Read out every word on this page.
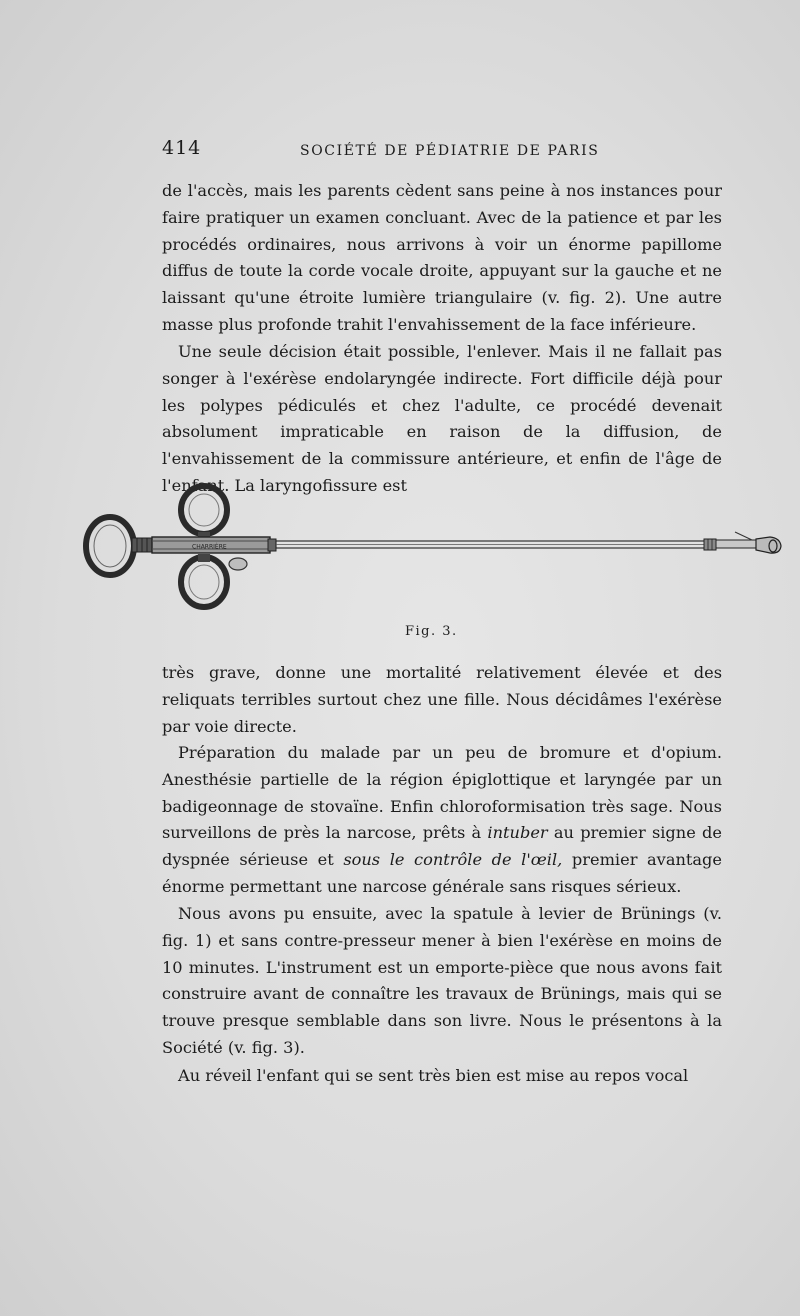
414	SOCIÉTÉ DE PÉDIATRIE DE PARIS

de l'accès, mais les parents cèdent sans peine à nos instances pour faire pratiquer un examen concluant. Avec de la patience et par les procédés ordinaires, nous arrivons à voir un énorme papillome diffus de toute la corde vocale droite, appuyant sur la gauche et ne laissant qu'une étroite lumière triangulaire (v. fig. 2). Une autre masse plus profonde trahit l'envahissement de la face inférieure.

Une seule décision était possible, l'enlever. Mais il ne fallait pas songer à l'exérèse endolaryngée indirecte. Fort difficile déjà pour les polypes pédiculés et chez l'adulte, ce procédé devenait absolument impraticable en raison de la diffusion, de l'envahissement de la commissure antérieure, et enfin de l'âge de l'enfant. La laryngofissure est

CHARRIÈRE
Fig. 3.

très grave, donne une mortalité relativement élevée et des reliquats terribles surtout chez une fille. Nous décidâmes l'exérèse par voie directe.

Préparation du malade par un peu de bromure et d'opium. Anesthésie partielle de la région épiglottique et laryngée par un badigeonnage de stovaïne. Enfin chloroformisation très sage. Nous surveillons de près la narcose, prêts à intuber au premier signe de dyspnée sérieuse et sous le contrôle de l'œil, premier avantage énorme permettant une narcose générale sans risques sérieux.

Nous avons pu ensuite, avec la spatule à levier de Brünings (v. fig. 1) et sans contre-presseur mener à bien l'exérèse en moins de 10 minutes. L'instrument est un emporte-pièce que nous avons fait construire avant de connaître les travaux de Brünings, mais qui se trouve presque semblable dans son livre. Nous le présentons à la Société (v. fig. 3).

Au réveil l'enfant qui se sent très bien est mise au repos vocal
